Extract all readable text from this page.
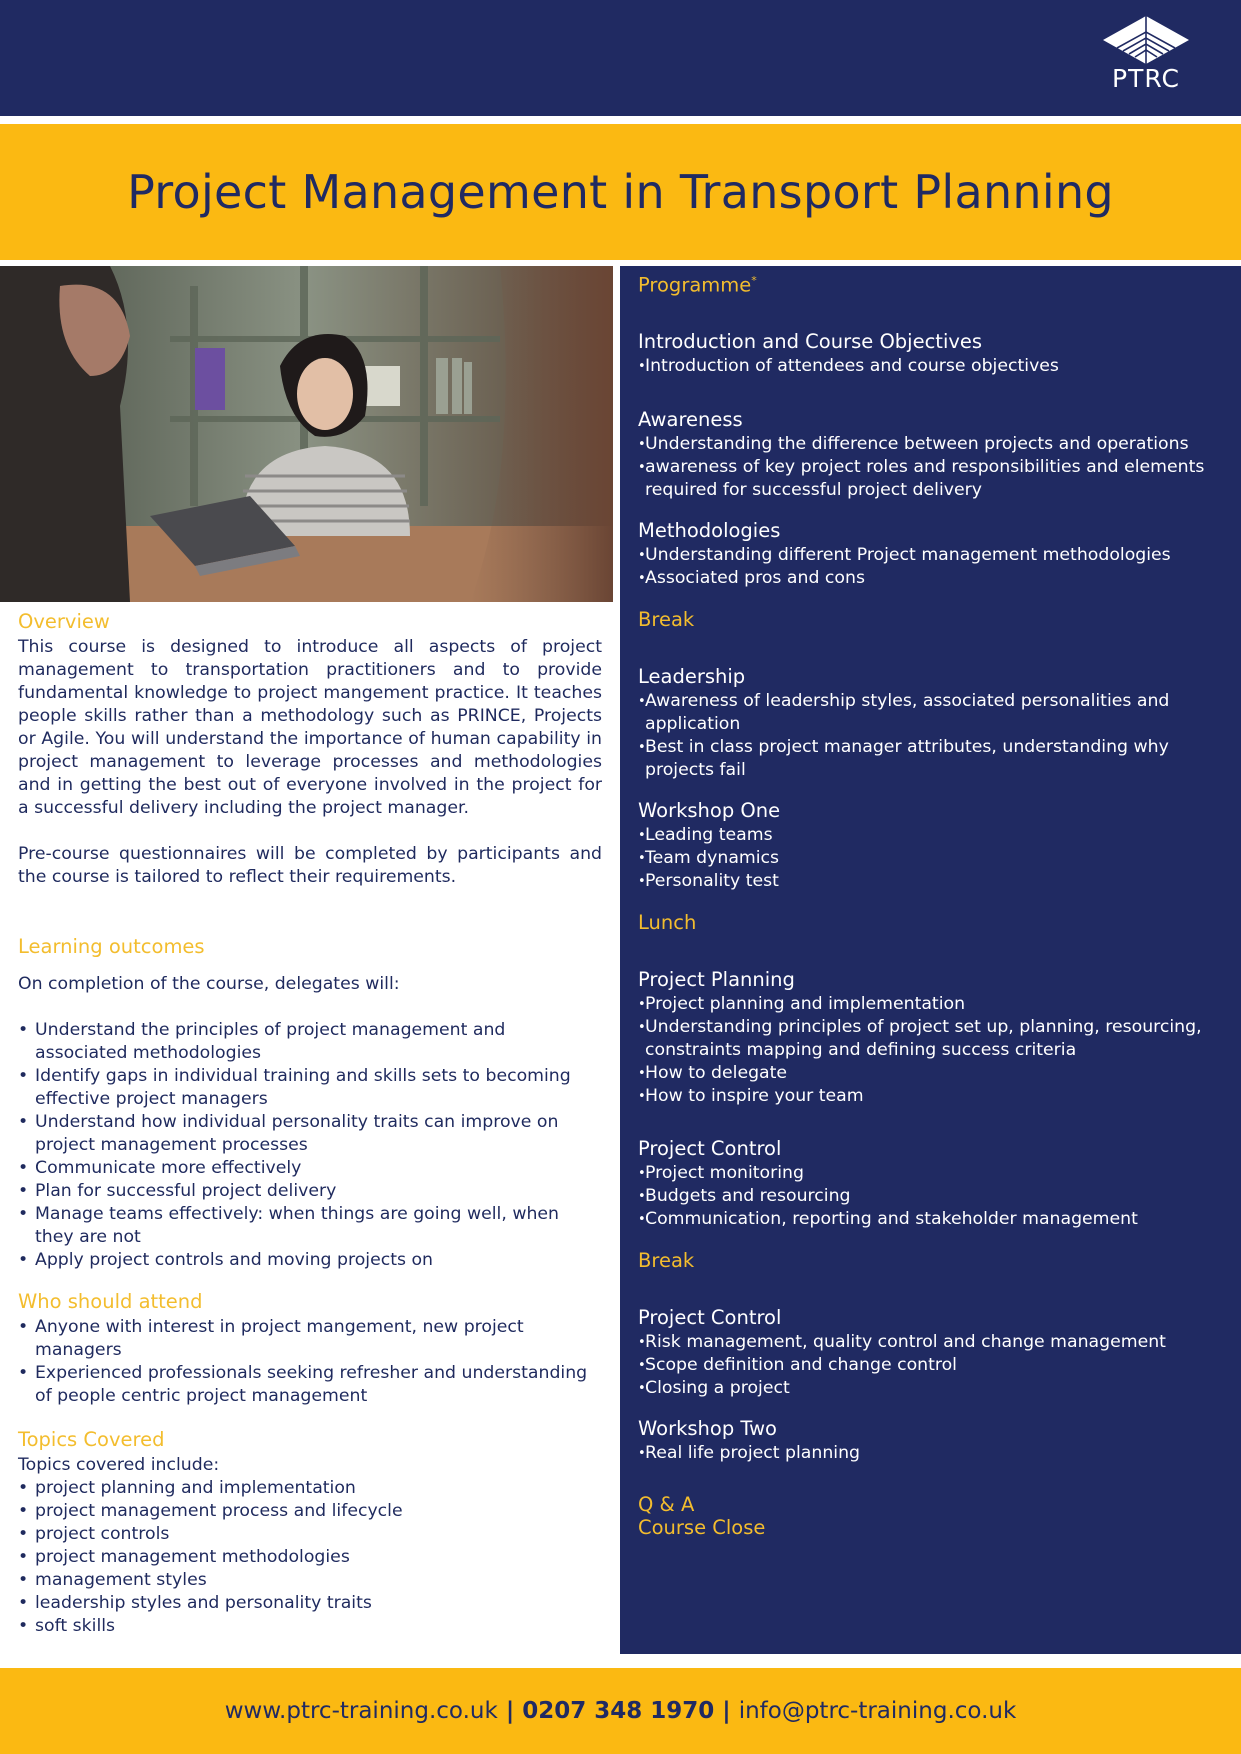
PTRC
Project Management in Transport Planning
Overview

This course is designed to introduce all aspects of project management to transportation practitioners and to provide fundamental knowledge to project mangement practice. It teaches people skills rather than a methodology such as PRINCE, Projects or Agile. You will understand the importance of human capability in project management to leverage processes and methodologies and in getting the best out of everyone involved in the project for a successful delivery including the project manager.

Pre-course questionnaires will be completed by participants and the course is tailored to reflect their requirements.

Learning outcomes

On completion of the course, delegates will:

• Understand the principles of project management and associated methodologies
• Identify gaps in individual training and skills sets to becoming effective project managers
• Understand how individual personality traits can improve on project management processes
• Communicate more effectively
• Plan for successful project delivery
• Manage teams effectively: when things are going well, when they are not
• Apply project controls and moving projects on
Who should attend
• Anyone with interest in project mangement, new project managers
• Experienced professionals seeking refresher and understanding of people centric project management
Topics Covered

Topics covered include:

• project planning and implementation
• project management process and lifecycle
• project controls
• project management methodologies
• management styles
• leadership styles and personality traits
• soft skills
Programme*
Introduction and Course Objectives
• Introduction of attendees and course objectives
Awareness
• Understanding the difference between projects and operations
• awareness of key project roles and responsibilities and elements required for successful project delivery
Methodologies
• Understanding different Project management methodologies
• Associated pros and cons
Break
Leadership
• Awareness of leadership styles, associated personalities and application
• Best in class project manager attributes, understanding why projects fail
Workshop One
• Leading teams
• Team dynamics
• Personality test
Lunch
Project Planning
• Project planning and implementation
• Understanding principles of project set up, planning, resourcing, constraints mapping and defining success criteria
• How to delegate
• How to inspire your team
Project Control
• Project monitoring
• Budgets and resourcing
• Communication, reporting and stakeholder management
Break
Project Control
• Risk management, quality control and change management
• Scope definition and change control
• Closing a project
Workshop Two
• Real life project planning
Q & A
Course Close
www.ptrc-training.co.uk | 0207 348 1970 | info@ptrc-training.co.uk
